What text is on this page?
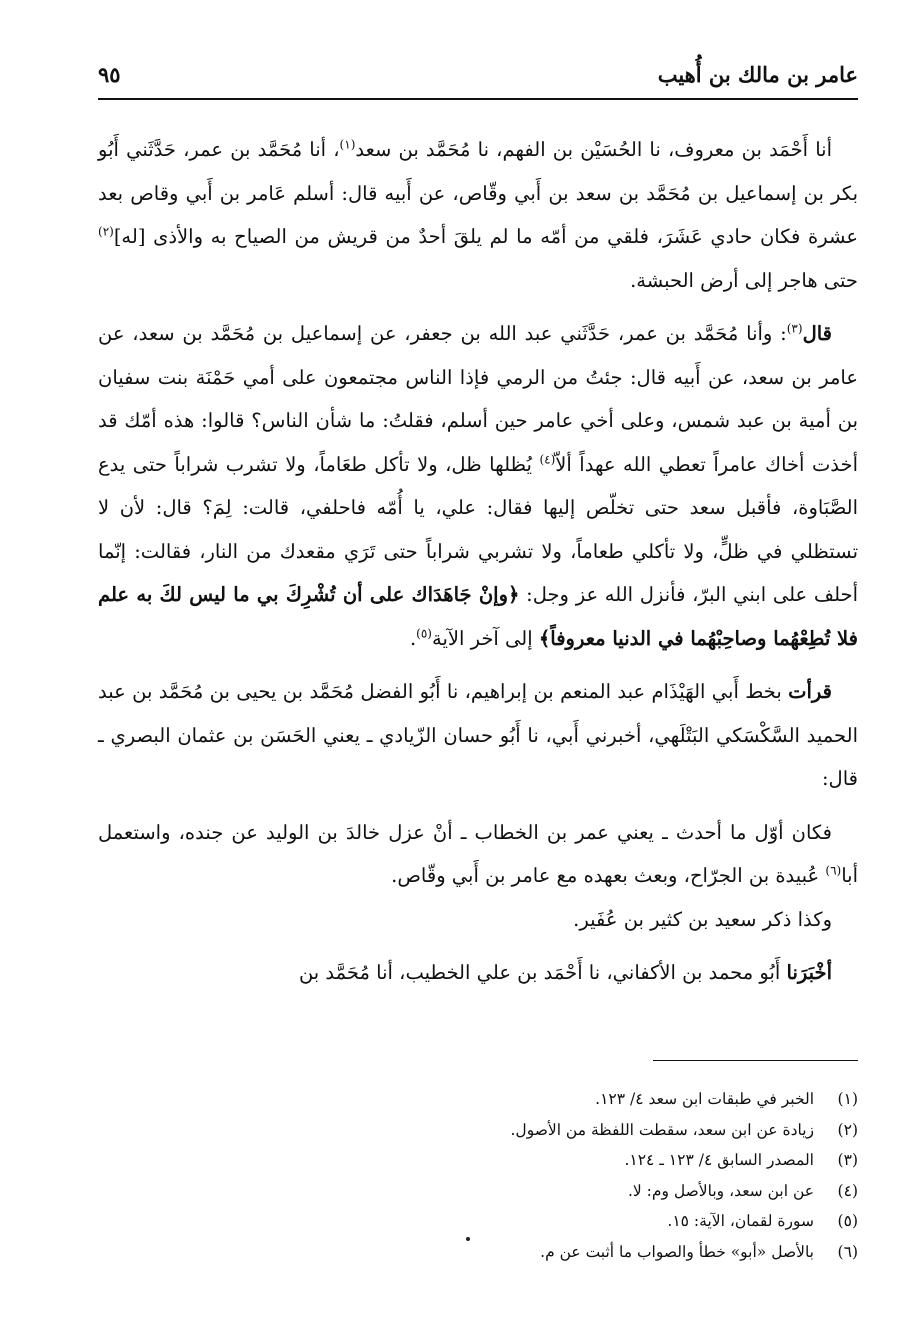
عامر بن مالك بن أُهيب
٩٥

أنا أَحْمَد بن معروف، نا الحُسَيْن بن الفهم، نا مُحَمَّد بن سعد$^{(١)}$، أنا مُحَمَّد بن عمر، حَدَّثَني أَبُو بكر بن إسماعيل بن مُحَمَّد بن سعد بن أَبي وقّاص، عن أَبيه قال: أسلم عَامر بن أَبي وقاص بعد عشرة فكان حادي عَشَرَ، فلقي من أمّه ما لم يلقَ أحدٌ من قريش من الصياح به والأذى [له]$^{(٢)}$ حتى هاجر إلى أرض الحبشة.

قال$^{(٣)}$: وأنا مُحَمَّد بن عمر، حَدَّثَني عبد الله بن جعفر، عن إسماعيل بن مُحَمَّد بن سعد، عن عامر بن سعد، عن أَبيه قال: جئتُ من الرمي فإذا الناس مجتمعون على أمي حَمْنَة بنت سفيان بن أمية بن عبد شمس، وعلى أخي عامر حين أسلم، فقلتُ: ما شأن الناس؟ قالوا: هذه أمّك قد أخذت أخاك عامراً تعطي الله عهداً ألاّ$^{(٤)}$ يُظلها ظل، ولا تأكل طعَاماً، ولا تشرب شراباً حتى يدع الصَّبَاوة، فأقبل سعد حتى تخلّص إليها فقال: علي، يا أُمّه فاحلفي، قالت: لِمَ؟ قال: لأن لا تستظلي في ظلٍّ، ولا تأكلي طعاماً، ولا تشربي شراباً حتى تَرَي مقعدك من النار، فقالت: إنّما أحلف على ابني البرّ، فأنزل الله عز وجل: ﴿وإنْ جَاهَدَاك على أن تُشْرِكَ بي ما ليس لكَ به علم فلا تُطِعْهُما وصاحِبْهُما في الدنيا معروفاً﴾ إلى آخر الآية$^{(٥)}$.

قرأت بخط أَبي الهَيْذَام عبد المنعم بن إبراهيم، نا أَبُو الفضل مُحَمَّد بن يحيى بن مُحَمَّد بن عبد الحميد السَّكْسَكي البَتْلَهي، أخبرني أَبي، نا أَبُو حسان الزّيادي ـ يعني الحَسَن بن عثمان البصري ـ قال:

فكان أوّل ما أحدث ـ يعني عمر بن الخطاب ـ أنْ عزل خالدَ بن الوليد عن جنده، واستعمل أبا$^{(٦)}$ عُبيدة بن الجرّاح، وبعث بعهده مع عامر بن أَبي وقّاص.

وكذا ذكر سعيد بن كثير بن عُفَير.

أخْبَرَنا أَبُو محمد بن الأكفاني، نا أَحْمَد بن علي الخطيب، أنا مُحَمَّد بن

(١)
الخبر في طبقات ابن سعد ٤/ ١٢٣.
(٢)
زيادة عن ابن سعد، سقطت اللفظة من الأصول.
(٣)
المصدر السابق ٤/ ١٢٣ ـ ١٢٤.
(٤)
عن ابن سعد، وبالأصل وم: لا.
(٥)
سورة لقمان، الآية: ١٥.
(٦)
بالأصل «أبو» خطأ والصواب ما أثبت عن م.
